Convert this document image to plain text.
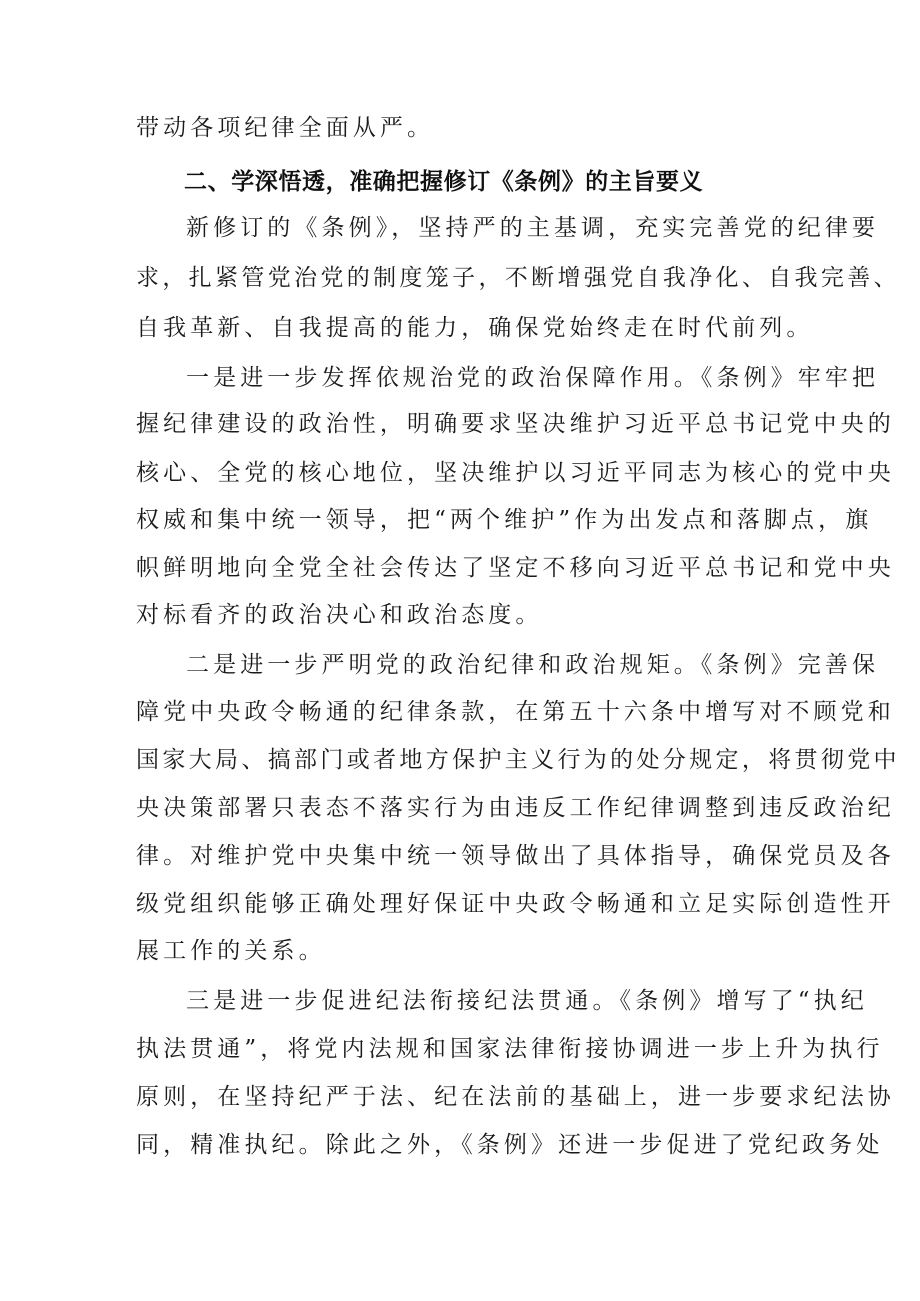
带动各项纪律全面从严。
二、学深悟透，准确把握修订《条例》的主旨要义
新修订的《条例》，坚持严的主基调，充实完善党的纪律要
求，扎紧管党治党的制度笼子，不断增强党自我净化、自我完善、
自我革新、自我提高的能力，确保党始终走在时代前列。
一是进一步发挥依规治党的政治保障作用。《条例》牢牢把
握纪律建设的政治性，明确要求坚决维护习近平总书记党中央的
核心、全党的核心地位，坚决维护以习近平同志为核心的党中央
权威和集中统一领导，把“两个维护”作为出发点和落脚点，旗
帜鲜明地向全党全社会传达了坚定不移向习近平总书记和党中央
对标看齐的政治决心和政治态度。
二是进一步严明党的政治纪律和政治规矩。《条例》完善保
障党中央政令畅通的纪律条款，在第五十六条中增写对不顾党和
国家大局、搞部门或者地方保护主义行为的处分规定，将贯彻党中
央决策部署只表态不落实行为由违反工作纪律调整到违反政治纪
律。对维护党中央集中统一领导做出了具体指导，确保党员及各
级党组织能够正确处理好保证中央政令畅通和立足实际创造性开
展工作的关系。
三是进一步促进纪法衔接纪法贯通。《条例》增写了“执纪
执法贯通”，将党内法规和国家法律衔接协调进一步上升为执行
原则，在坚持纪严于法、纪在法前的基础上，进一步要求纪法协
同，精准执纪。除此之外，《条例》还进一步促进了党纪政务处
